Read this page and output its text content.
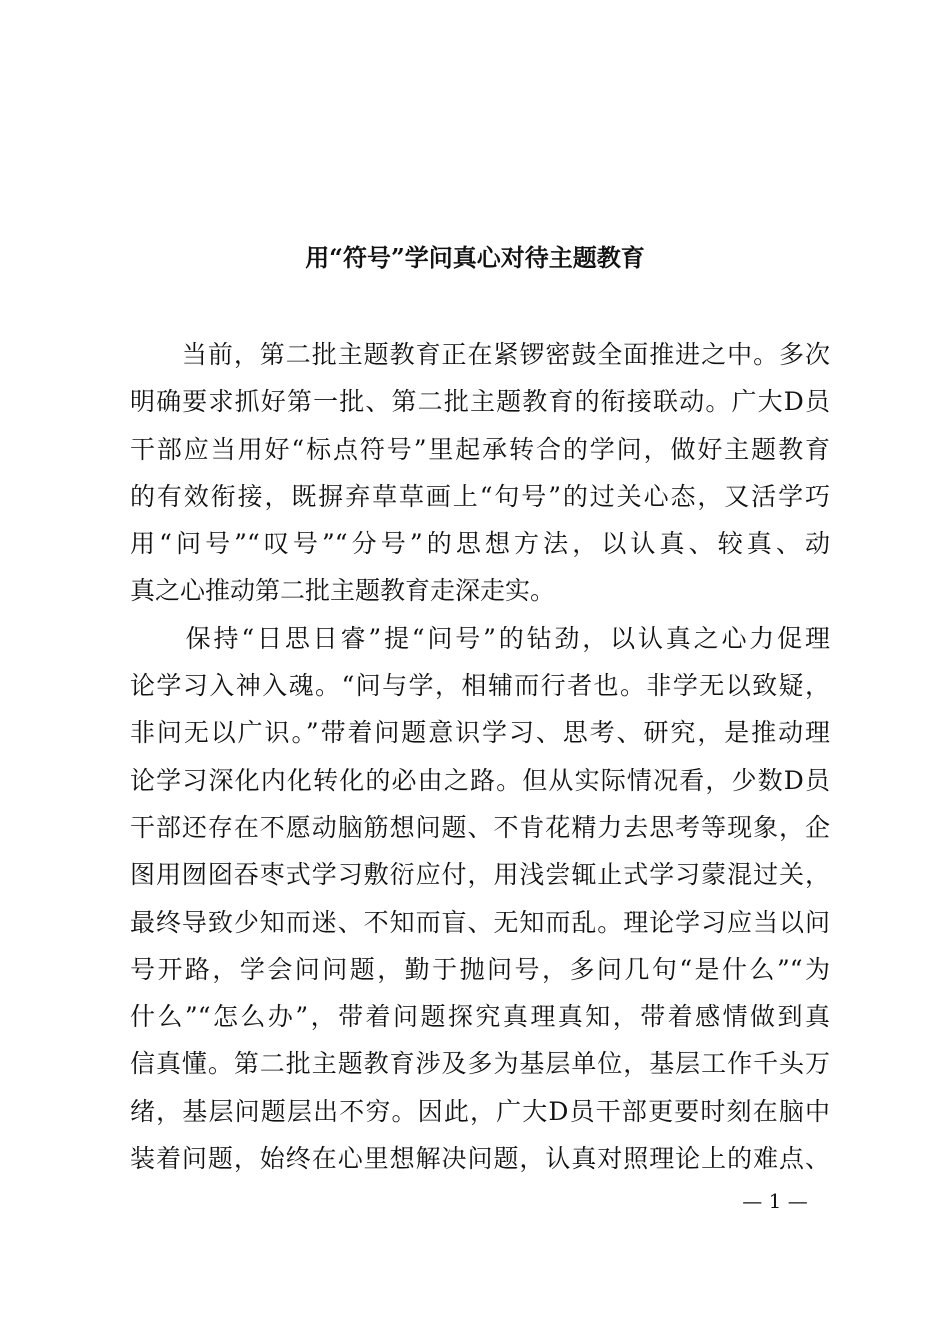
用“符号”学问真心对待主题教育
　　当前，第二批主题教育正在紧锣密鼓全面推进之中。多次
明确要求抓好第一批、第二批主题教育的衔接联动。广大D员
干部应当用好“标点符号”里起承转合的学问，做好主题教育
的有效衔接，既摒弃草草画上“句号”的过关心态，又活学巧
用“问号”“叹号”“分号”的思想方法，以认真、较真、动
真之心推动第二批主题教育走深走实。
　　保持“日思日睿”提“问号”的钻劲，以认真之心力促理
论学习入神入魂。“问与学，相辅而行者也。非学无以致疑，
非问无以广识。”带着问题意识学习、思考、研究，是推动理
论学习深化内化转化的必由之路。但从实际情况看，少数D员
干部还存在不愿动脑筋想问题、不肯花精力去思考等现象，企
图用囫囵吞枣式学习敷衍应付，用浅尝辄止式学习蒙混过关，
最终导致少知而迷、不知而盲、无知而乱。理论学习应当以问
号开路，学会问问题，勤于抛问号，多问几句“是什么”“为
什么”“怎么办”，带着问题探究真理真知，带着感情做到真
信真懂。第二批主题教育涉及多为基层单位，基层工作千头万
绪，基层问题层出不穷。因此，广大D员干部更要时刻在脑中
装着问题，始终在心里想解决问题，认真对照理论上的难点、
— 1 —
